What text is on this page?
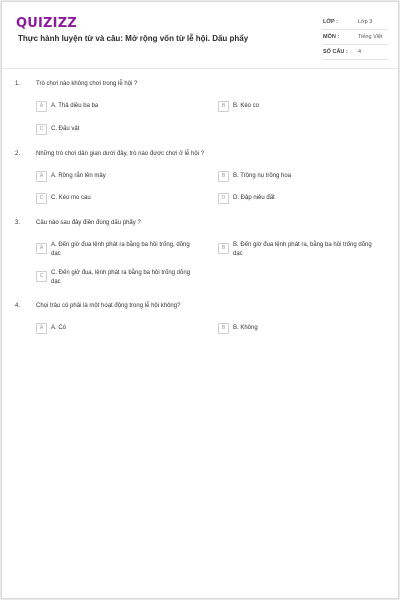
QUIZIZZ
Thực hành luyện từ và câu: Mở rộng vốn từ lễ hội. Dấu phẩy
LỚP :	Lớp 3
MÔN :	Tiếng Việt
SỐ CÂU : 4
1.	Trò chơi nào không chơi trong lễ hội ?
A	A. Thả diều ba ba	B	B. Kéo co
C	C. Đấu vật
2.	Những trò chơi dân gian dưới đây, trò nào được chơi ở lễ hội ?
A	A. Rồng rắn lên mây	B	B. Trồng nụ trồng hoa
C	C. Kéo mo cau	D	D. Đập niêu đất
3.	Câu nào sau đây điền đúng dấu phẩy ?
A	A. Đến giờ đua lệnh phát ra bằng ba hồi trống, dõng dạc
B	B. Đến giờ đua lệnh phát ra, bằng ba hồi trống dõng dạc
C	C. Đến giờ đua, lệnh phát ra bằng ba hồi trống dõng dạc
4.	Chọi trâu có phải là một hoạt động trong lễ hội không?
A	A. Có	B	B. Không
